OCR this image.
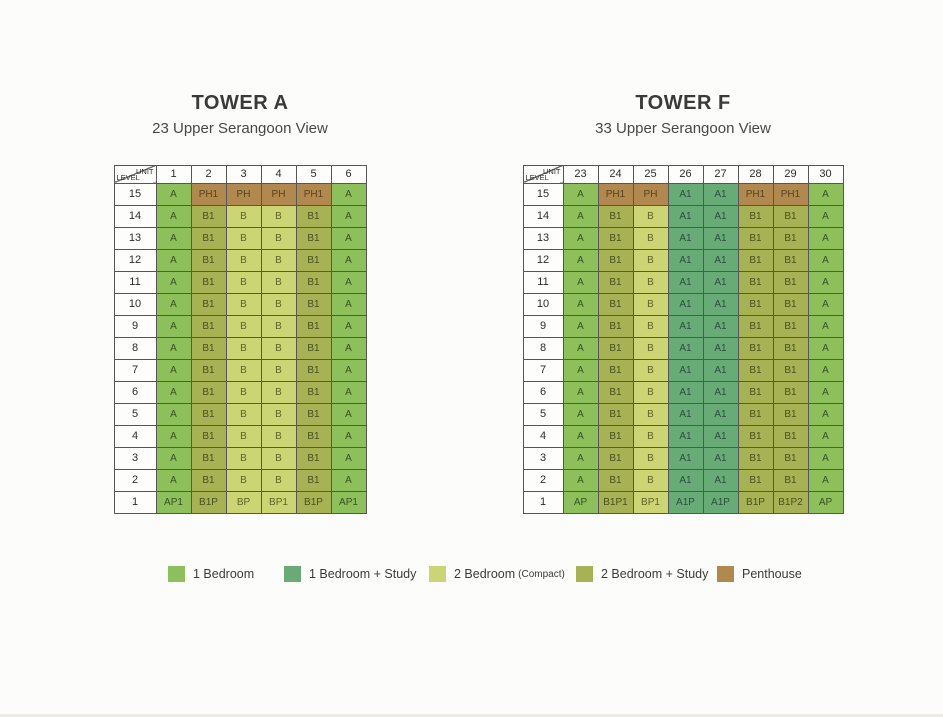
TOWER A
23 Upper Serangoon View
UNIT
LEVEL	1	2	3	4	5	6
15	A	PH1	PH	PH	PH1	A
14	A	B1	B	B	B1	A
13	A	B1	B	B	B1	A
12	A	B1	B	B	B1	A
11	A	B1	B	B	B1	A
10	A	B1	B	B	B1	A
9	A	B1	B	B	B1	A
8	A	B1	B	B	B1	A
7	A	B1	B	B	B1	A
6	A	B1	B	B	B1	A
5	A	B1	B	B	B1	A
4	A	B1	B	B	B1	A
3	A	B1	B	B	B1	A
2	A	B1	B	B	B1	A
1	AP1	B1P	BP	BP1	B1P	AP1
TOWER F
33 Upper Serangoon View
UNIT
LEVEL	23	24	25	26	27	28	29	30
15	A	PH1	PH	A1	A1	PH1	PH1	A
14	A	B1	B	A1	A1	B1	B1	A
13	A	B1	B	A1	A1	B1	B1	A
12	A	B1	B	A1	A1	B1	B1	A
11	A	B1	B	A1	A1	B1	B1	A
10	A	B1	B	A1	A1	B1	B1	A
9	A	B1	B	A1	A1	B1	B1	A
8	A	B1	B	A1	A1	B1	B1	A
7	A	B1	B	A1	A1	B1	B1	A
6	A	B1	B	A1	A1	B1	B1	A
5	A	B1	B	A1	A1	B1	B1	A
4	A	B1	B	A1	A1	B1	B1	A
3	A	B1	B	A1	A1	B1	B1	A
2	A	B1	B	A1	A1	B1	B1	A
1	AP	B1P1	BP1	A1P	A1P	B1P	B1P2	AP
1 Bedroom	1 Bedroom + Study	2 Bedroom (Compact)	2 Bedroom + Study	Penthouse
